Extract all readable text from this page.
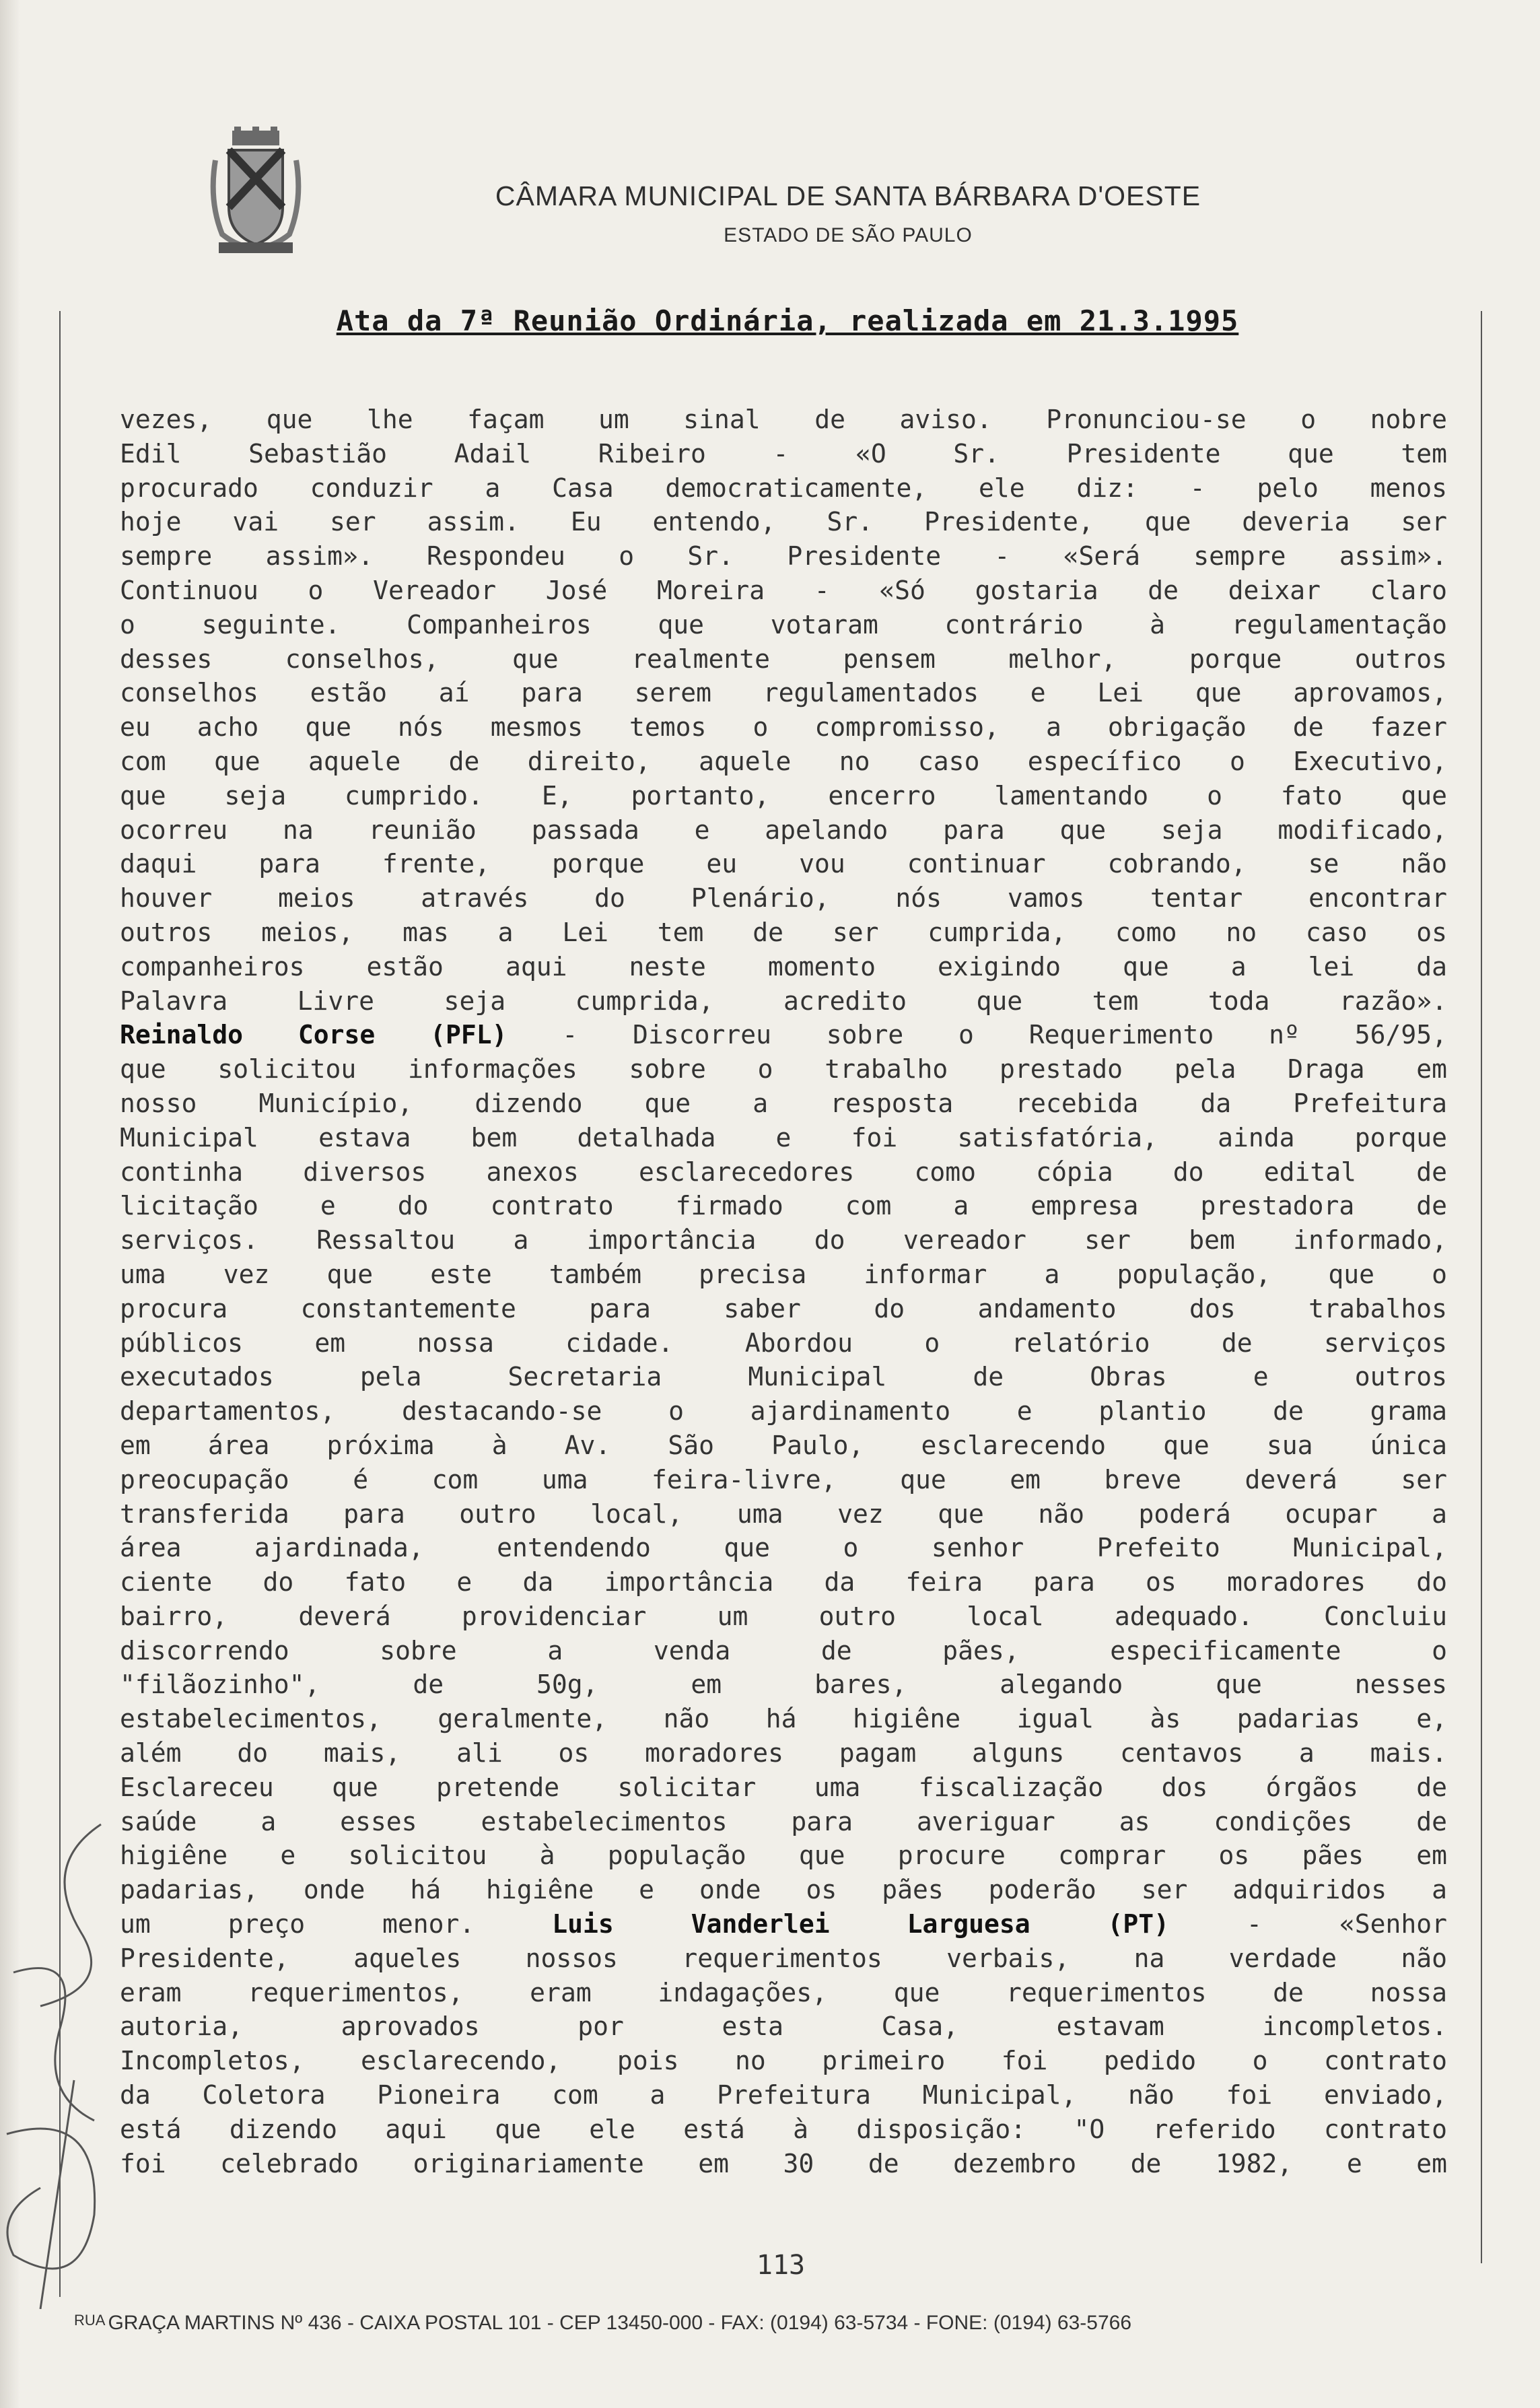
CÂMARA MUNICIPAL DE SANTA BÁRBARA D'OESTE
ESTADO DE SÃO PAULO
Ata da 7ª Reunião Ordinária, realizada em 21.3.1995
vezes, que lhe façam um sinal de aviso. Pronunciou-se o nobre
Edil Sebastião Adail Ribeiro - «O Sr. Presidente que tem
procurado conduzir a Casa democraticamente, ele diz: - pelo menos
hoje vai ser assim. Eu entendo, Sr. Presidente, que deveria ser
sempre assim». Respondeu o Sr. Presidente - «Será sempre assim».
Continuou o Vereador José Moreira - «Só gostaria de deixar claro
o seguinte. Companheiros que votaram contrário à regulamentação
desses conselhos, que realmente pensem melhor, porque outros
conselhos estão aí para serem regulamentados e Lei que aprovamos,
eu acho que nós mesmos temos o compromisso, a obrigação de fazer
com que aquele de direito, aquele no caso específico o Executivo,
que seja cumprido. E, portanto, encerro lamentando o fato que
ocorreu na reunião passada e apelando para que seja modificado,
daqui para frente, porque eu vou continuar cobrando, se não
houver meios através do Plenário, nós vamos tentar encontrar
outros meios, mas a Lei tem de ser cumprida, como no caso os
companheiros estão aqui neste momento exigindo que a lei da
Palavra Livre seja cumprida, acredito que tem toda razão».
Reinaldo Corse (PFL) - Discorreu sobre o Requerimento nº 56/95,
que solicitou informações sobre o trabalho prestado pela Draga em
nosso Município, dizendo que a resposta recebida da Prefeitura
Municipal estava bem detalhada e foi satisfatória, ainda porque
continha diversos anexos esclarecedores como cópia do edital de
licitação e do contrato firmado com a empresa prestadora de
serviços. Ressaltou a importância do vereador ser bem informado,
uma vez que este também precisa informar a população, que o
procura constantemente para saber do andamento dos trabalhos
públicos em nossa cidade. Abordou o relatório de serviços
executados pela Secretaria Municipal de Obras e outros
departamentos, destacando-se o ajardinamento e plantio de grama
em área próxima à Av. São Paulo, esclarecendo que sua única
preocupação é com uma feira-livre, que em breve deverá ser
transferida para outro local, uma vez que não poderá ocupar a
área ajardinada, entendendo que o senhor Prefeito Municipal,
ciente do fato e da importância da feira para os moradores do
bairro, deverá providenciar um outro local adequado. Concluiu
discorrendo sobre a venda de pães, especificamente o
"filãozinho", de 50g, em bares, alegando que nesses
estabelecimentos, geralmente, não há higiêne igual às padarias e,
além do mais, ali os moradores pagam alguns centavos a mais.
Esclareceu que pretende solicitar uma fiscalização dos órgãos de
saúde a esses estabelecimentos para averiguar as condições de
higiêne e solicitou à população que procure comprar os pães em
padarias, onde há higiêne e onde os pães poderão ser adquiridos a
um preço menor. Luis Vanderlei Larguesa (PT) - «Senhor
Presidente, aqueles nossos requerimentos verbais, na verdade não
eram requerimentos, eram indagações, que requerimentos de nossa
autoria, aprovados por esta Casa, estavam incompletos.
Incompletos, esclarecendo, pois no primeiro foi pedido o contrato
da Coletora Pioneira com a Prefeitura Municipal, não foi enviado,
está dizendo aqui que ele está à disposição: "O referido contrato
foi celebrado originariamente em 30 de dezembro de 1982, e em
113
$^{RUA}$ GRAÇA MARTINS Nº 436 - CAIXA POSTAL 101 - CEP 13450-000 - FAX: (0194) 63-5734 - FONE: (0194) 63-5766
